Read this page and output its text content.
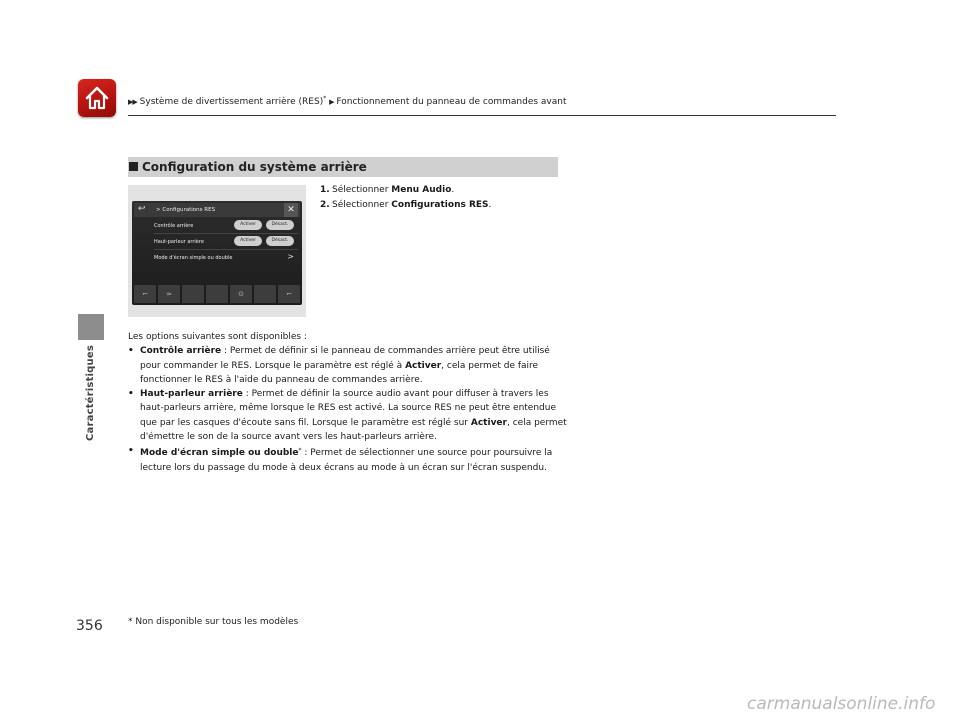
▶▶ Système de divertissement arrière (RES)* ▶ Fonctionnement du panneau de commandes avant
Caractéristiques
Configuration du système arrière
↩ > Configurations RES	✕
Contrôle arrière	Activer	Désact.
Haut-parleur arrière	Activer	Désact.
Mode d'écran simple ou double	>
⌐	≈	⊙	⌐
1. Sélectionner Menu Audio.
2. Sélectionner Configurations RES.

Les options suivantes sont disponibles :

• Contrôle arrière : Permet de définir si le panneau de commandes arrière peut être utilisé pour commander le RES. Lorsque le paramètre est réglé à Activer, cela permet de faire fonctionner le RES à l'aide du panneau de commandes arrière.

• Haut-parleur arrière : Permet de définir la source audio avant pour diffuser à travers les haut-parleurs arrière, même lorsque le RES est activé. La source RES ne peut être entendue que par les casques d'écoute sans fil. Lorsque le paramètre est réglé sur Activer, cela permet d'émettre le son de la source avant vers les haut-parleurs arrière.

• Mode d'écran simple ou double* : Permet de sélectionner une source pour poursuivre la lecture lors du passage du mode à deux écrans au mode à un écran sur l'écran suspendu.

356	* Non disponible sur tous les modèles
carmanualsonline.info
